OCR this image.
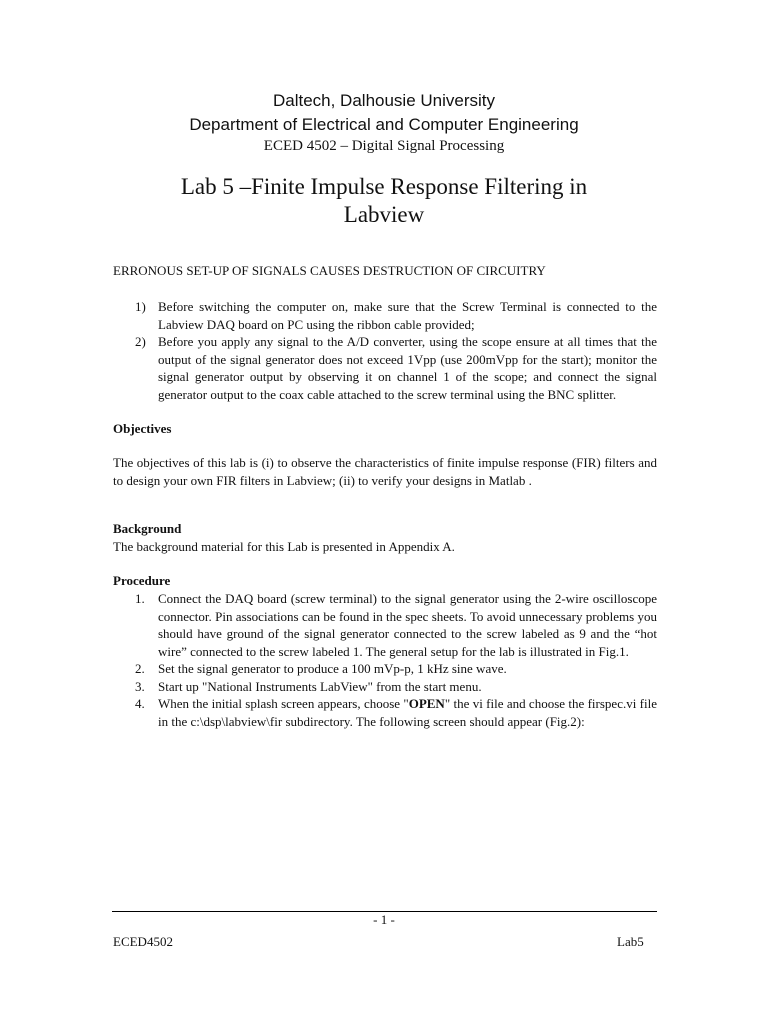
Daltech, Dalhousie University
Department of Electrical and Computer Engineering
ECED 4502 – Digital Signal Processing
Lab 5 –Finite Impulse Response Filtering in
Labview
ERRONOUS SET-UP OF SIGNALS CAUSES DESTRUCTION OF CIRCUITRY
1) Before switching the computer on, make sure that the Screw Terminal is connected to the Labview DAQ board on PC using the ribbon cable provided;
2) Before you apply any signal to the A/D converter, using the scope ensure at all times that the output of the signal generator does not exceed 1Vpp (use 200mVpp for the start); monitor the signal generator output by observing it on channel 1 of the scope; and connect the signal generator output to the coax cable attached to the screw terminal using the BNC splitter.
Objectives

The objectives of this lab is (i) to observe the characteristics of finite impulse response (FIR) filters and to design your own FIR filters in Labview; (ii) to verify your designs in Matlab .

Background

The background material for this Lab is presented in Appendix A.

Procedure
1. Connect the DAQ board (screw terminal) to the signal generator using the 2-wire oscilloscope connector. Pin associations can be found in the spec sheets. To avoid unnecessary problems you should have ground of the signal generator connected to the screw labeled as 9 and the “hot wire” connected to the screw labeled 1. The general setup for the lab is illustrated in Fig.1.
2. Set the signal generator to produce a 100 mVp-p, 1 kHz sine wave.
3. Start up "National Instruments LabView" from the start menu.
4. When the initial splash screen appears, choose "OPEN" the vi file and choose the firspec.vi file in the c:\dsp\labview\fir subdirectory. The following screen should appear (Fig.2):
- 1 -
ECED4502	Lab5
